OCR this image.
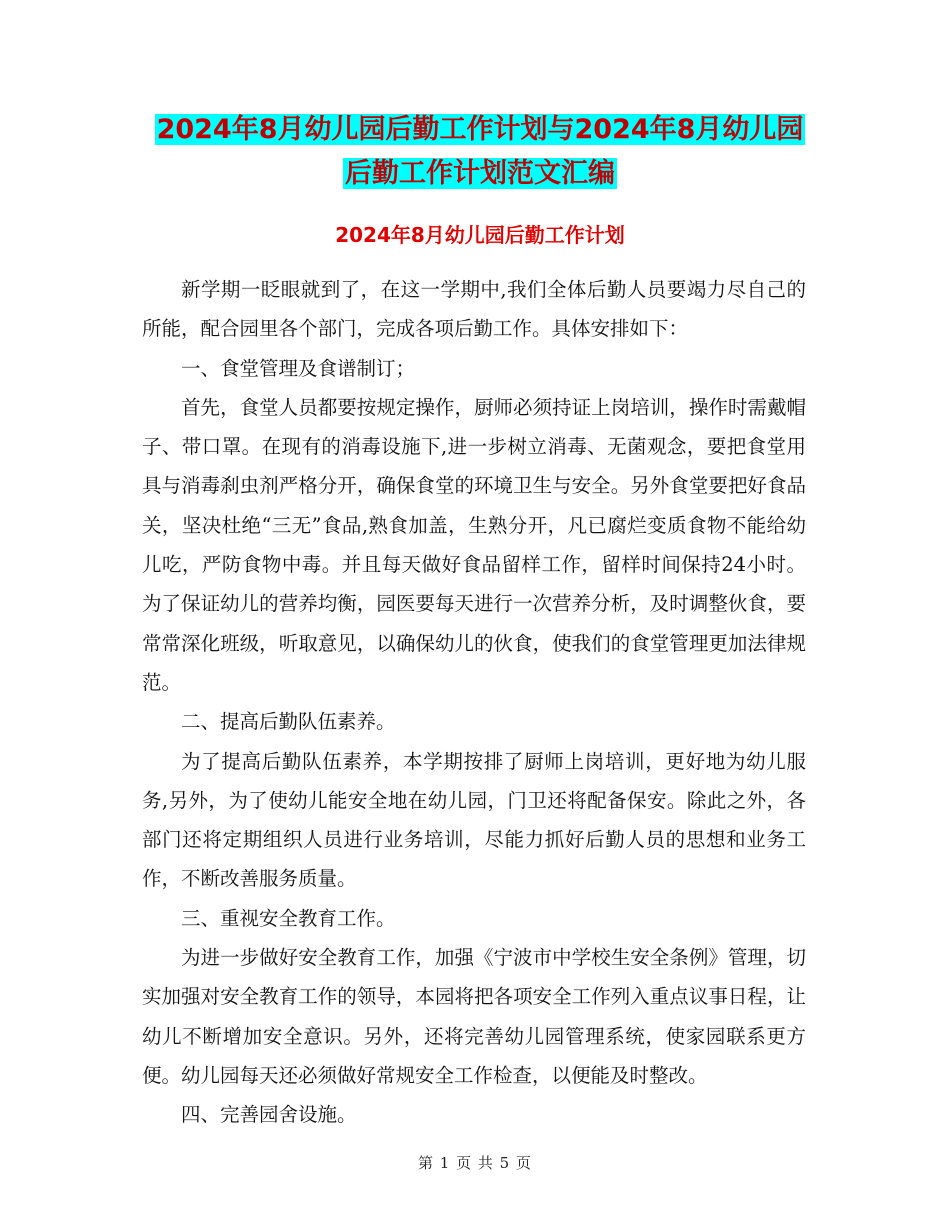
2024年8月幼儿园后勤工作计划与2024年8月幼儿园
后勤工作计划范文汇编
2024年8月幼儿园后勤工作计划

新学期一眨眼就到了，在这一学期中,我们全体后勤人员要竭力尽自己的所能，配合园里各个部门，完成各项后勤工作。具体安排如下：

一、食堂管理及食谱制订；

首先，食堂人员都要按规定操作，厨师必须持证上岗培训，操作时需戴帽子、带口罩。在现有的消毒设施下,进一步树立消毒、无菌观念，要把食堂用具与消毒刹虫剂严格分开，确保食堂的环境卫生与安全。另外食堂要把好食品关，坚决杜绝“三无”食品,熟食加盖，生熟分开，凡已腐烂变质食物不能给幼儿吃，严防食物中毒。并且每天做好食品留样工作，留样时间保持24小时。为了保证幼儿的营养均衡，园医要每天进行一次营养分析，及时调整伙食，要常常深化班级，听取意见，以确保幼儿的伙食，使我们的食堂管理更加法律规范。

二、提高后勤队伍素养。

为了提高后勤队伍素养，本学期按排了厨师上岗培训，更好地为幼儿服务,另外，为了使幼儿能安全地在幼儿园，门卫还将配备保安。除此之外，各部门还将定期组织人员进行业务培训，尽能力抓好后勤人员的思想和业务工作，不断改善服务质量。

三、重视安全教育工作。

为进一步做好安全教育工作，加强《宁波市中学校生安全条例》管理，切实加强对安全教育工作的领导，本园将把各项安全工作列入重点议事日程，让幼儿不断增加安全意识。另外，还将完善幼儿园管理系统，使家园联系更方便。幼儿园每天还必须做好常规安全工作检查，以便能及时整改。

四、完善园舍设施。

第 1 页 共 5 页
